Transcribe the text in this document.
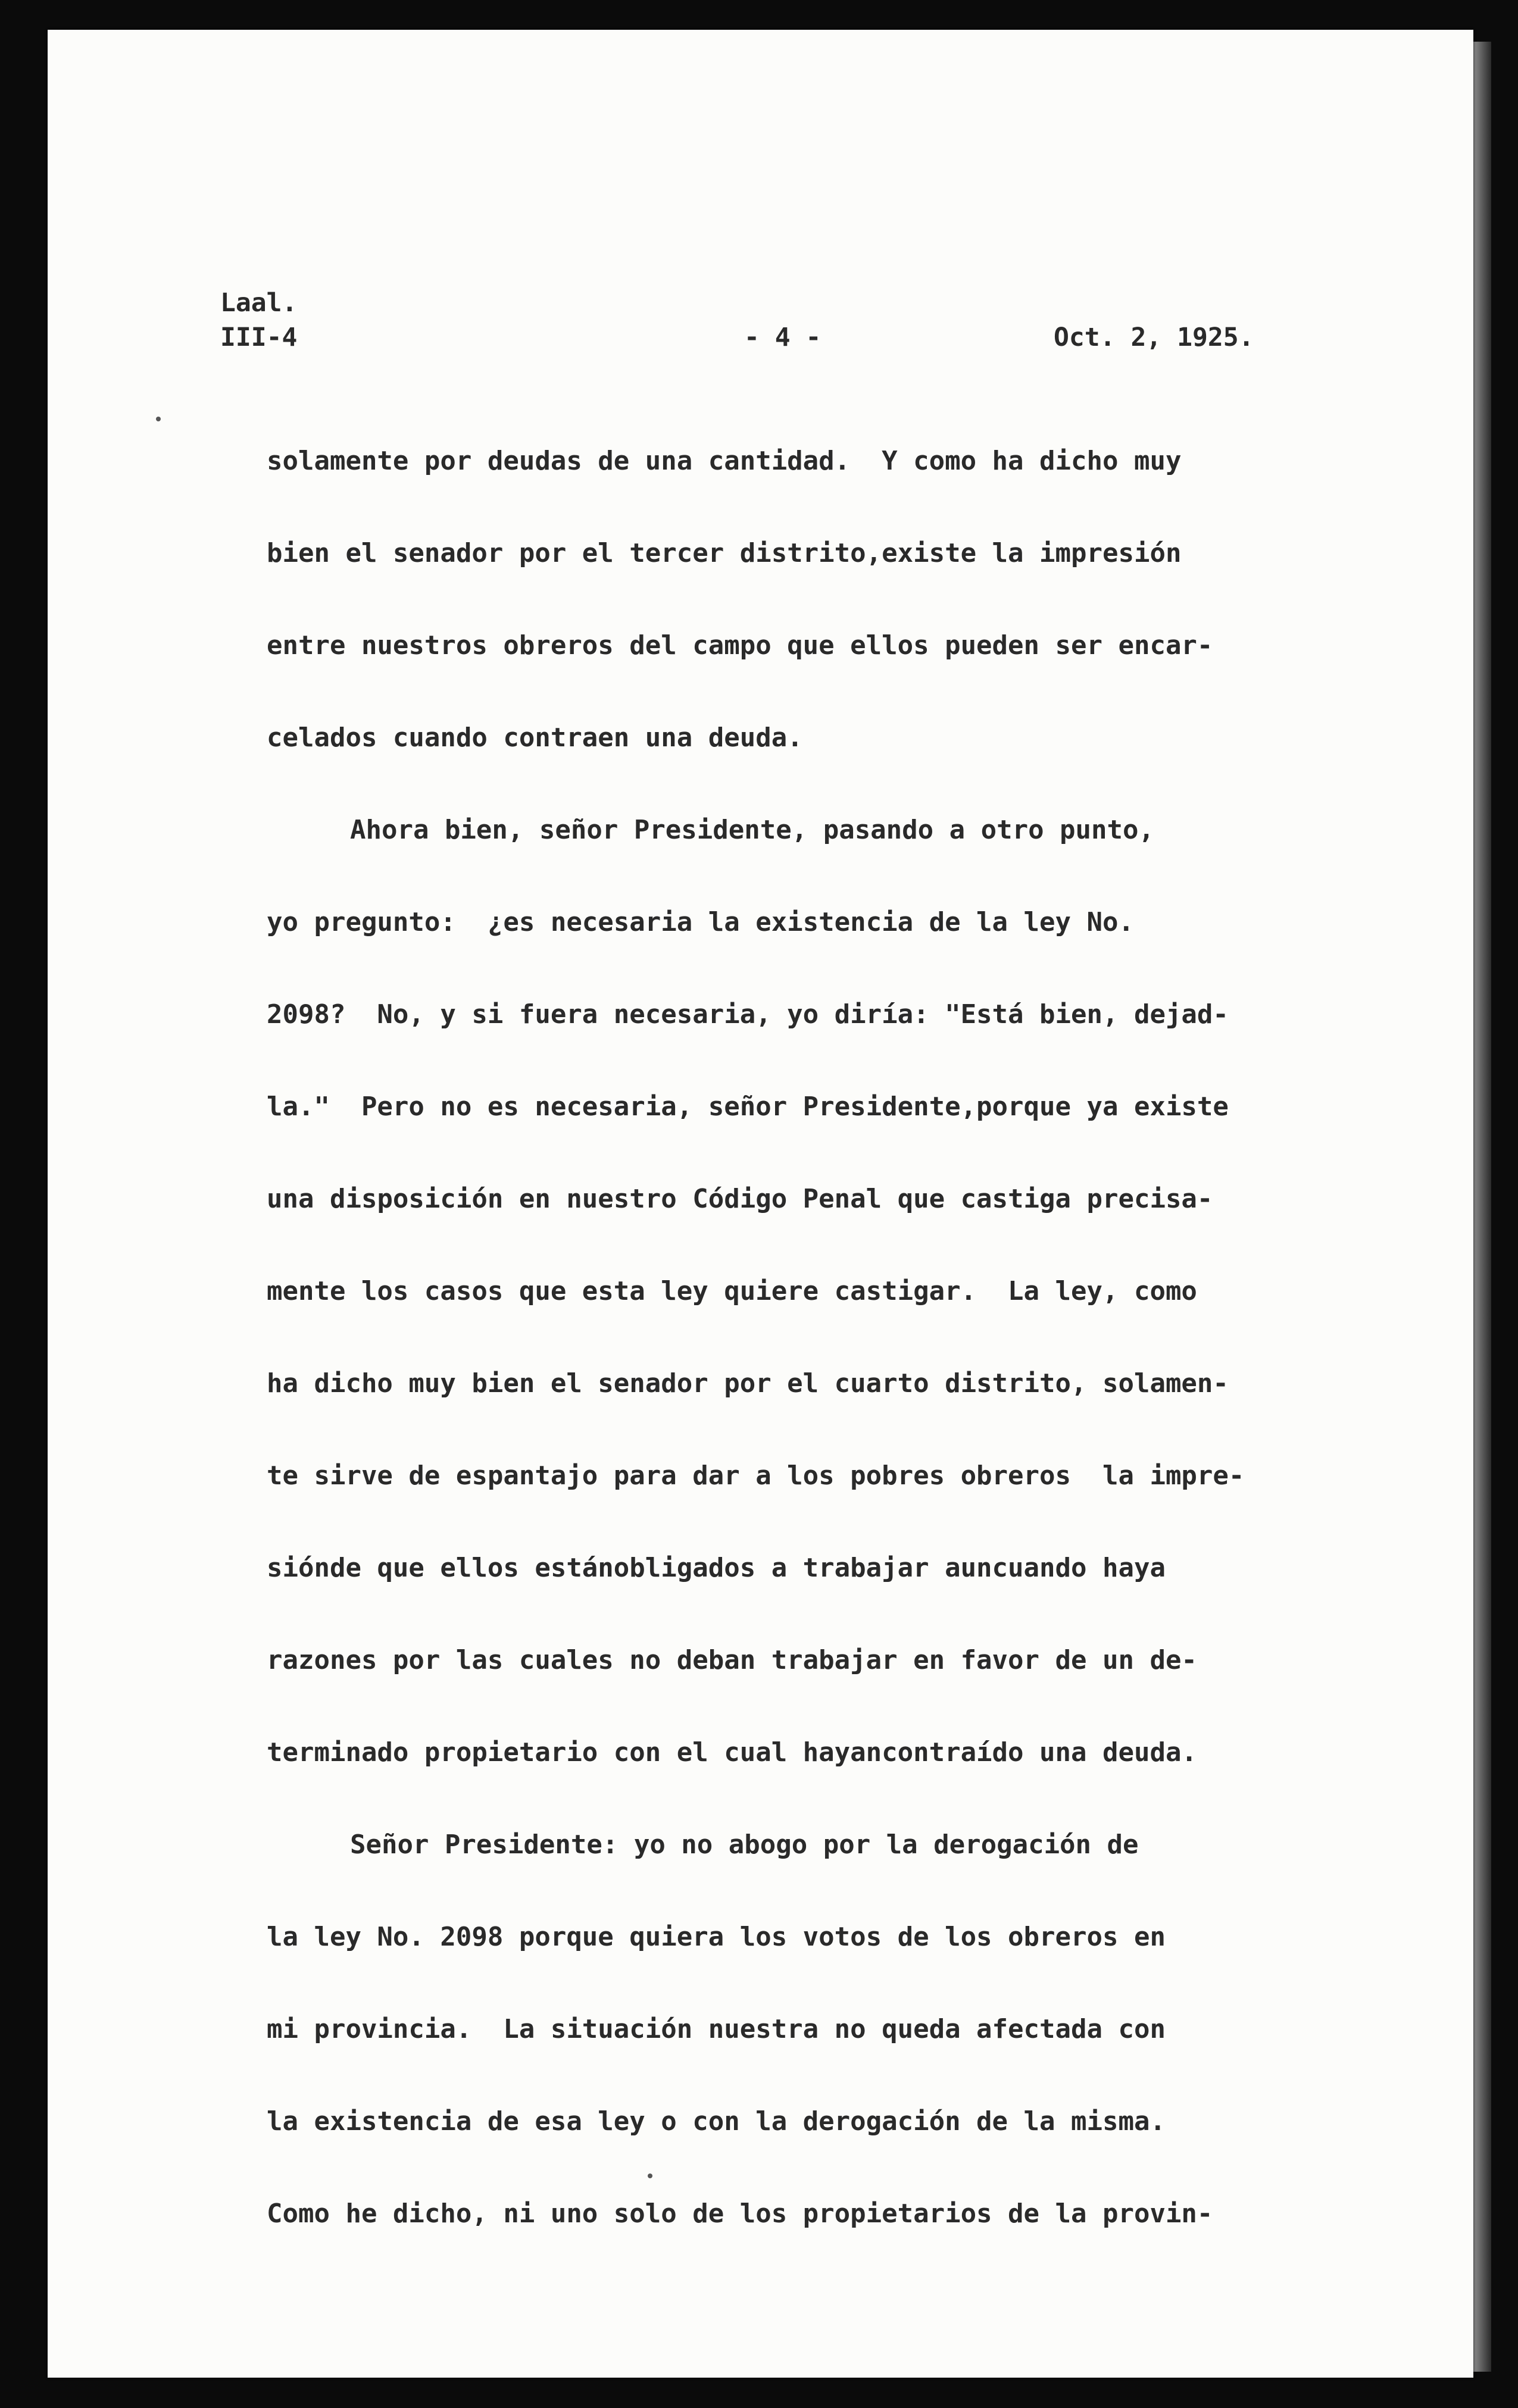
Laal.
III-4	- 4 -	Oct. 2, 1925.
solamente por deudas de una cantidad.  Y como ha dicho muy
bien el senador por el tercer distrito,existe la impresión
entre nuestros obreros del campo que ellos pueden ser encar-
celados cuando contraen una deuda.
Ahora bien, señor Presidente, pasando a otro punto,
yo pregunto:  ¿es necesaria la existencia de la ley No.
2098?  No, y si fuera necesaria, yo diría: "Está bien, dejad-
la."  Pero no es necesaria, señor Presidente,porque ya existe
una disposición en nuestro Código Penal que castiga precisa-
mente los casos que esta ley quiere castigar.  La ley, como
ha dicho muy bien el senador por el cuarto distrito, solamen-
te sirve de espantajo para dar a los pobres obreros  la impre-
siónde que ellos estánobligados a trabajar auncuando haya
razones por las cuales no deban trabajar en favor de un de-
terminado propietario con el cual hayancontraído una deuda.
Señor Presidente: yo no abogo por la derogación de
la ley No. 2098 porque quiera los votos de los obreros en
mi provincia.  La situación nuestra no queda afectada con
la existencia de esa ley o con la derogación de la misma.
Como he dicho, ni uno solo de los propietarios de la provin-
